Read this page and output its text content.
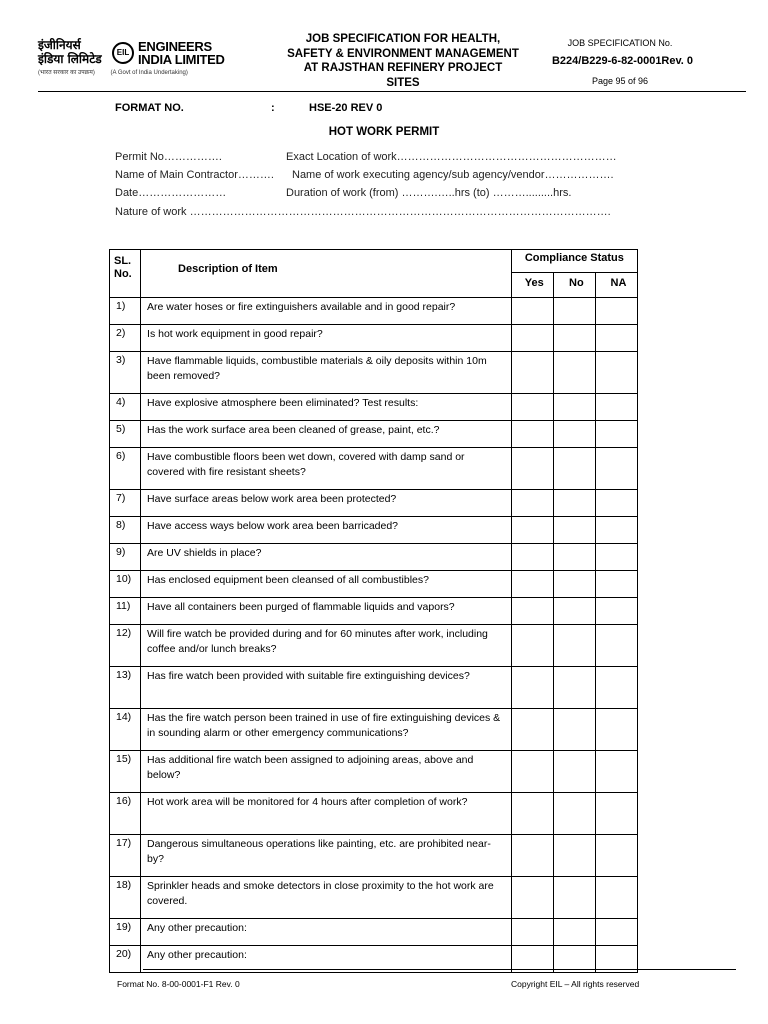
इंजीनियर्स
इंडिया लिमिटेड	EIL ENGINEERS
INDIA LIMITED
(भारत सरकार का उपक्रम)	(A Govt of India Undertaking)
JOB SPECIFICATION FOR HEALTH,
SAFETY & ENVIRONMENT MANAGEMENT
AT RAJSTHAN REFINERY PROJECT
SITES
JOB SPECIFICATION No.
B224/B229-6-82-0001Rev. 0
Page 95 of 96
FORMAT NO.	:	HSE-20 REV 0
HOT WORK PERMIT
Permit No…………….	Exact Location of work……………………………………………………
Name of Main Contractor………. Name of work executing agency/sub agency/vendor……………….
Date……………………	Duration of work (from) ……….…..hrs (to) ……….........hrs.
Nature of work …………………………………………………………………………………………………….
SL.
No.	Description of Item	Compliance Status		
		Yes	No	NA
1)	Are water hoses or fire extinguishers available and in good repair?			
2)	Is hot work equipment in good repair?			
3)	Have flammable liquids, combustible materials & oily deposits within 10m been removed?			
4)	Have explosive atmosphere been eliminated? Test results:			
5)	Has the work surface area been cleaned of grease, paint, etc.?			
6)	Have combustible floors been wet down, covered with damp sand or covered with fire resistant sheets?			
7)	Have surface areas below work area been protected?			
8)	Have access ways below work area been barricaded?			
9)	Are UV shields in place?			
10)	Has enclosed equipment been cleansed of all combustibles?			
11)	Have all containers been purged of flammable liquids and vapors?			
12)	Will fire watch be provided during and for 60 minutes after work, including coffee and/or lunch breaks?			
13)	Has fire watch been provided with suitable fire extinguishing devices?			
14)	Has the fire watch person been trained in use of fire extinguishing devices & in sounding alarm or other emergency communications?			
15)	Has additional fire watch been assigned to adjoining areas, above and below?			
16)	Hot work area will be monitored for 4 hours after completion of work?			
17)	Dangerous simultaneous operations like painting, etc. are prohibited near-by?			
18)	Sprinkler heads and smoke detectors in close proximity to the hot work are covered.			
19)	Any other precaution:			
20)	Any other precaution:			
Format No. 8-00-0001-F1 Rev. 0	Copyright EIL – All rights reserved
